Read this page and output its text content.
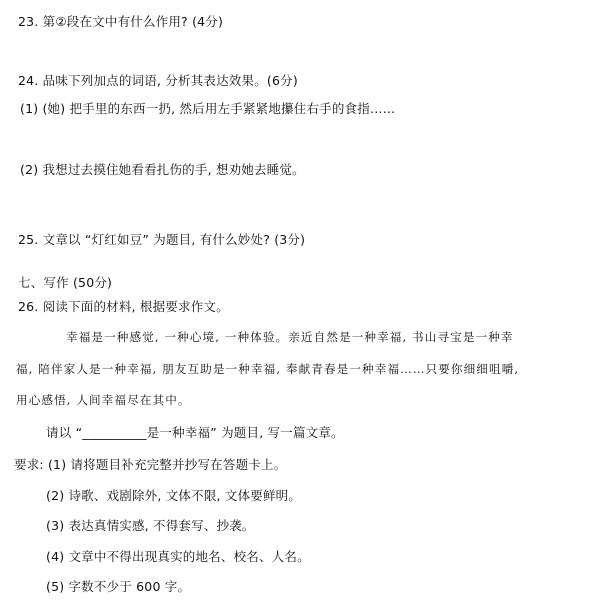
23. 第②段在文中有什么作用? (4分)
24. 品味下列加点的词语, 分析其表达效果。(6分)
(1) (她) 把手里的东西一扔, 然后用左手紧紧地攥住右手的食指……
(2) 我想过去摸住她看看扎伤的手, 想劝她去睡觉。
25. 文章以 “灯红如豆” 为题目, 有什么妙处? (3分)
七、写作 (50分)
26. 阅读下面的材料, 根据要求作文。
幸福是一种感觉, 一种心境, 一种体验。亲近自然是一种幸福, 书山寻宝是一种幸
福, 陪伴家人是一种幸福, 朋友互助是一种幸福, 奉献青春是一种幸福……只要你细细咀嚼,
用心感悟, 人间幸福尽在其中。
请以 “__________是一种幸福” 为题目, 写一篇文章。
要求: (1) 请将题目补充完整并抄写在答题卡上。
(2) 诗歌、戏剧除外, 文体不限, 文体要鲜明。
(3) 表达真情实感, 不得套写、抄袭。
(4) 文章中不得出现真实的地名、校名、人名。
(5) 字数不少于 600 字。
